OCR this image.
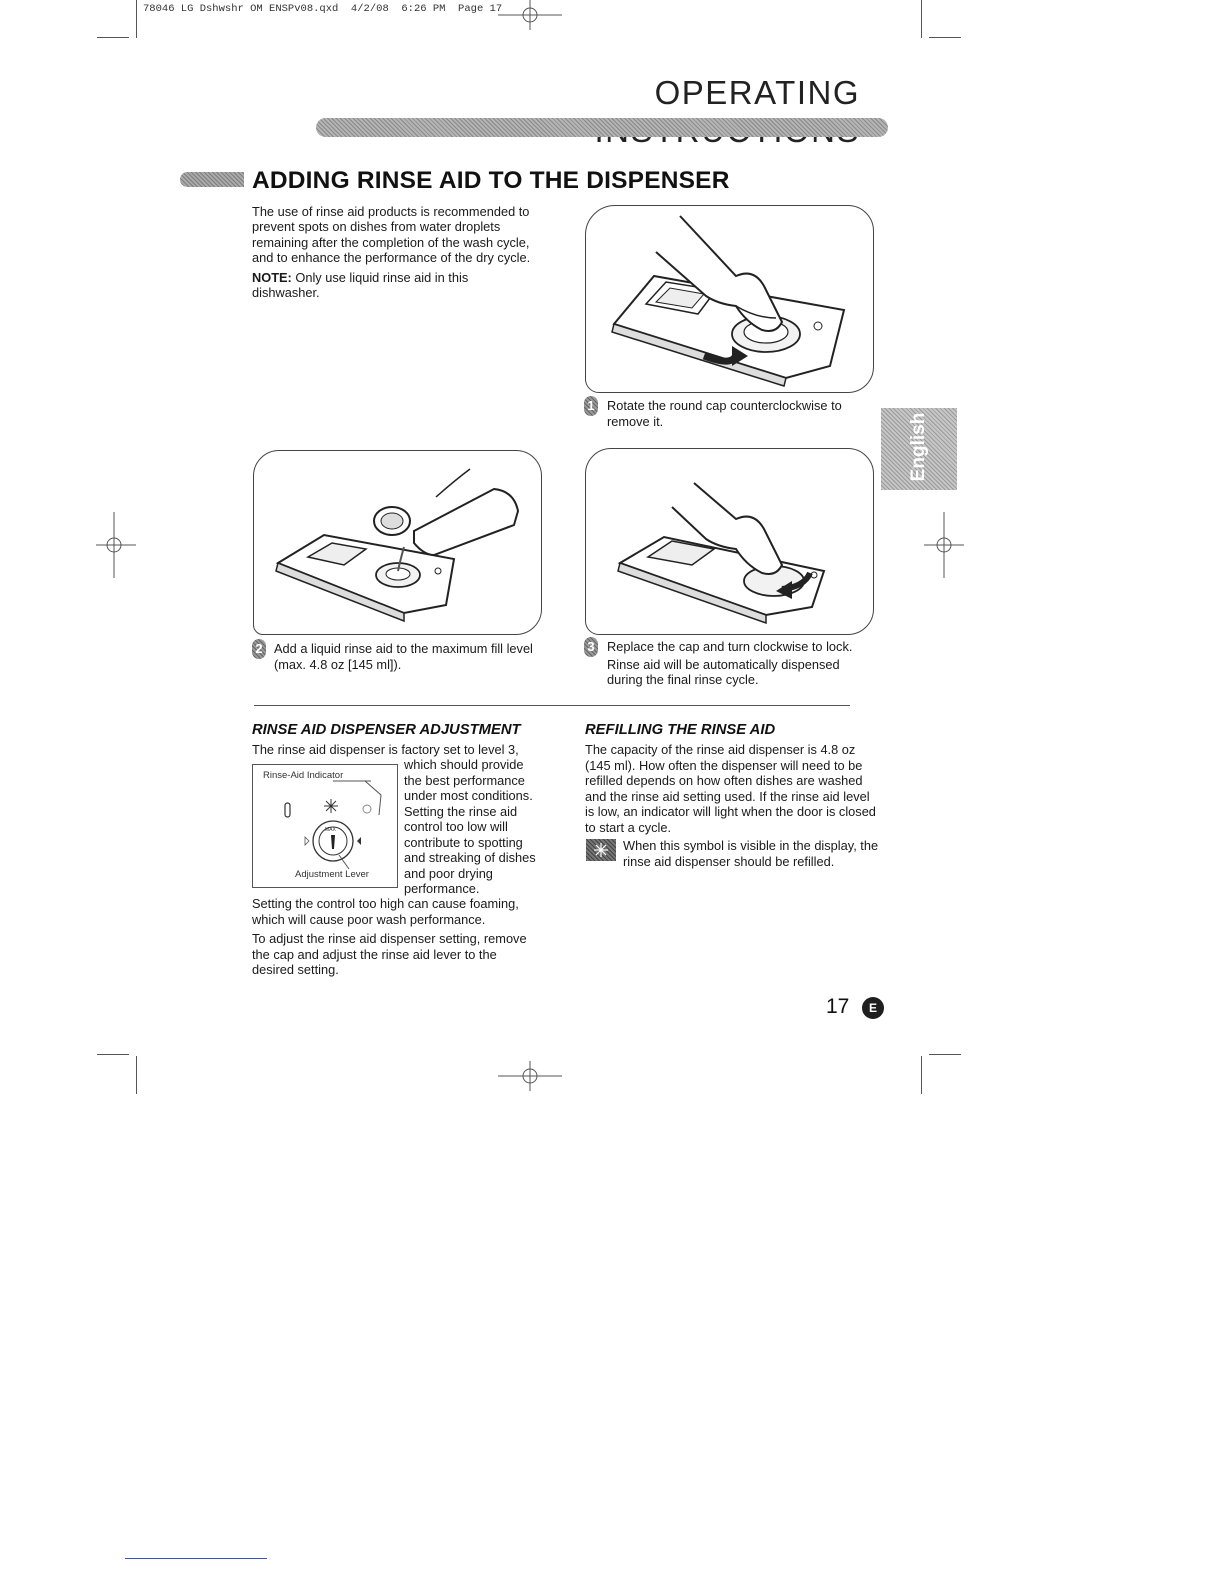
78046 LG Dshwshr OM ENSPv08.qxd  4/2/08  6:26 PM  Page 17
OPERATING
ADDING RINSE AID TO THE DISPENSER

The use of rinse aid products is recommended to prevent spots on dishes from water droplets remaining after the completion of the wash cycle, and to enhance the performance of the dry cycle.

NOTE: Only use liquid rinse aid in this dishwasher.

1 Rotate the round cap counterclockwise to remove it.	English
2 Add a liquid rinse aid to the maximum fill level (max. 4.8 oz [145 ml]).
3 Replace the cap and turn clockwise to lock.

Rinse aid will be automatically dispensed during the final rinse cycle.

RINSE AID DISPENSER ADJUSTMENT
The rinse aid dispenser is factory set to level 3,
Rinse-Aid Indicator
Adjustment Lever
MAX
which should provide the best performance under most conditions. Setting the rinse aid control too low will contribute to spotting and streaking of dishes and poor drying performance.

Setting the control too high can cause foaming, which will cause poor wash performance.

To adjust the rinse aid dispenser setting, remove the cap and adjust the rinse aid lever to the desired setting.

REFILLING THE RINSE AID
The capacity of the rinse aid dispenser is 4.8 oz (145 ml). How often the dispenser will need to be refilled depends on how often dishes are washed and the rinse aid setting used. If the rinse aid level is low, an indicator will light when the door is closed to start a cycle.
When this symbol is visible in the display, the rinse aid dispenser should be refilled.
17	E
